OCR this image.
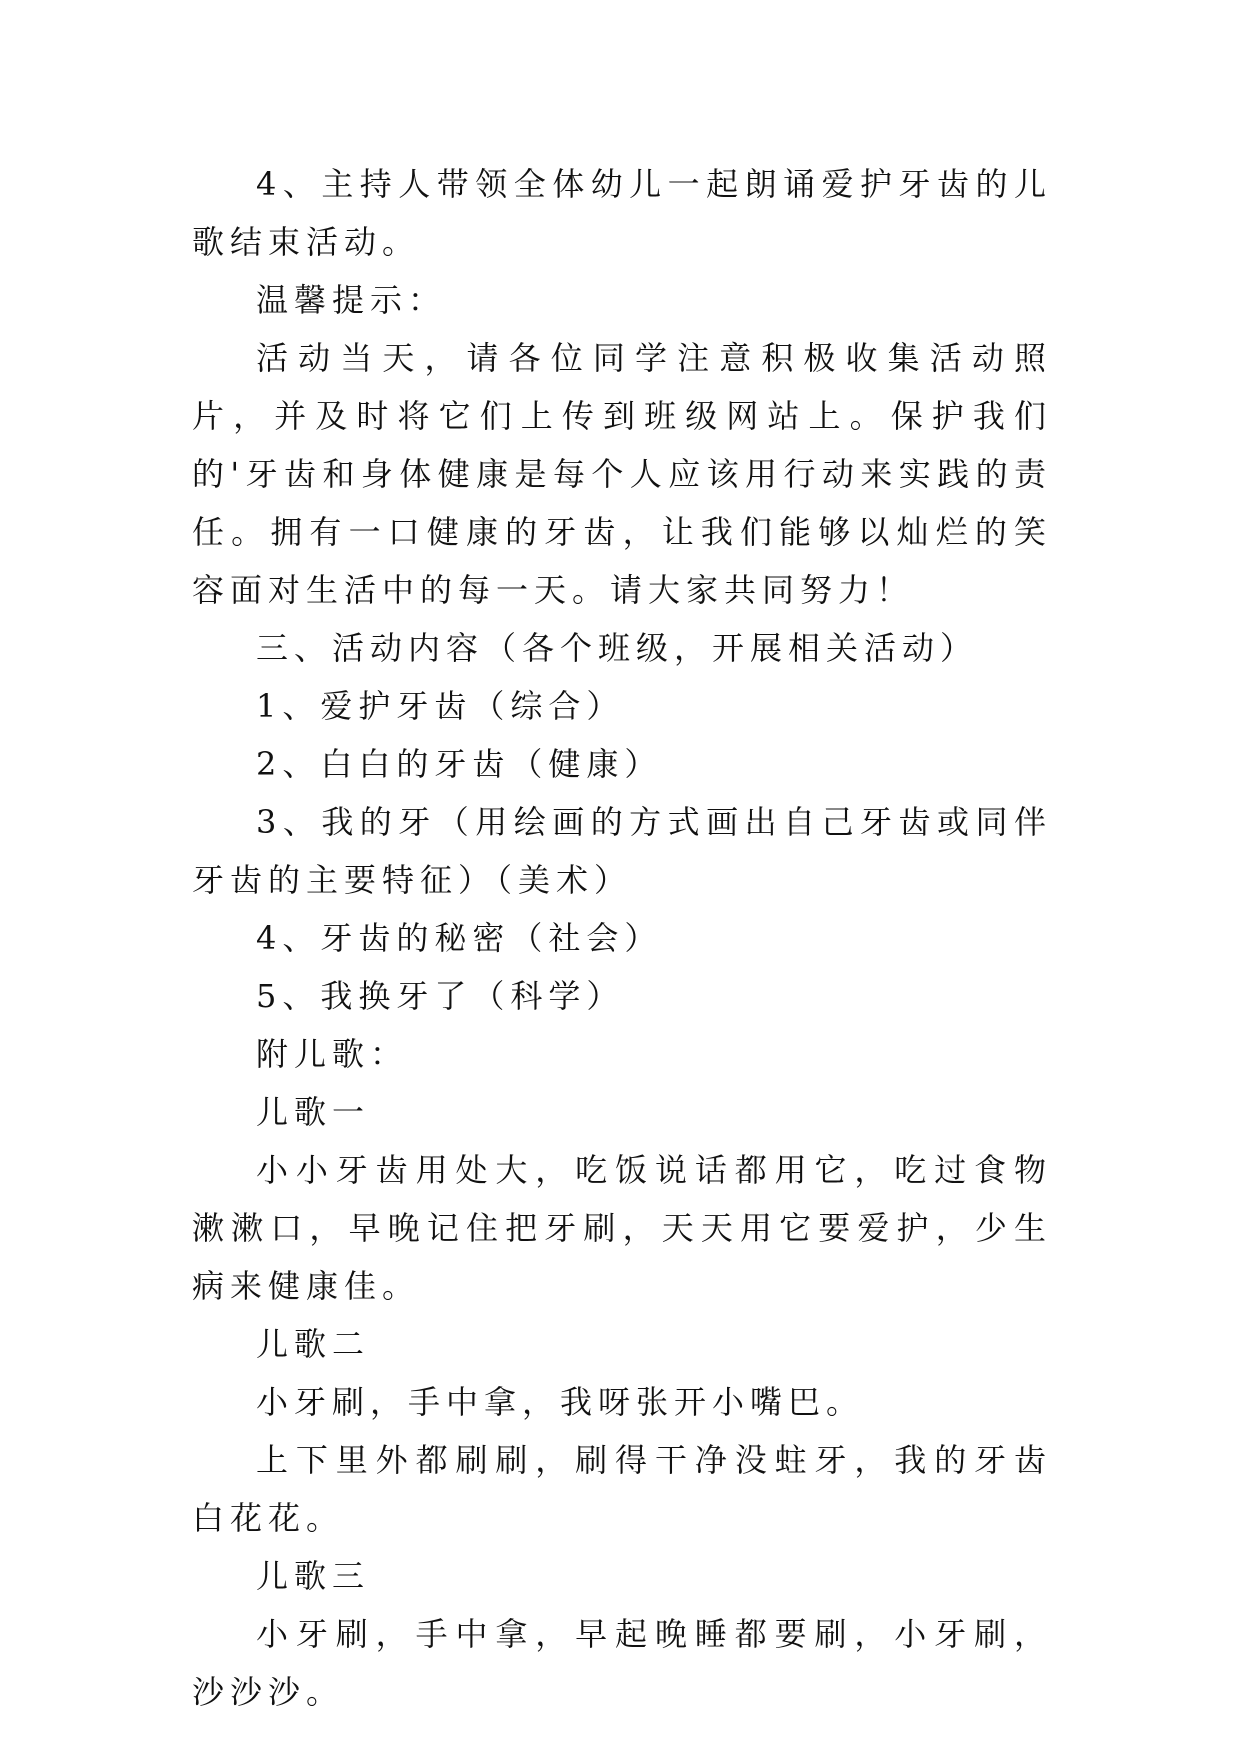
4、主持人带领全体幼儿一起朗诵爱护牙齿的儿歌结束活动。

温馨提示：

活动当天，请各位同学注意积极收集活动照片，并及时将它们上传到班级网站上。保护我们的'牙齿和身体健康是每个人应该用行动来实践的责任。拥有一口健康的牙齿，让我们能够以灿烂的笑容面对生活中的每一天。请大家共同努力！

三、活动内容（各个班级，开展相关活动）

1、爱护牙齿（综合）

2、白白的牙齿（健康）

3、我的牙（用绘画的方式画出自己牙齿或同伴牙齿的主要特征）（美术）

4、牙齿的秘密（社会）

5、我换牙了（科学）

附儿歌：

儿歌一

小小牙齿用处大，吃饭说话都用它，吃过食物漱漱口，早晚记住把牙刷，天天用它要爱护，少生病来健康佳。

儿歌二

小牙刷，手中拿，我呀张开小嘴巴。

上下里外都刷刷，刷得干净没蛀牙，我的牙齿白花花。

儿歌三

小牙刷，手中拿，早起晚睡都要刷，小牙刷，沙沙沙。
